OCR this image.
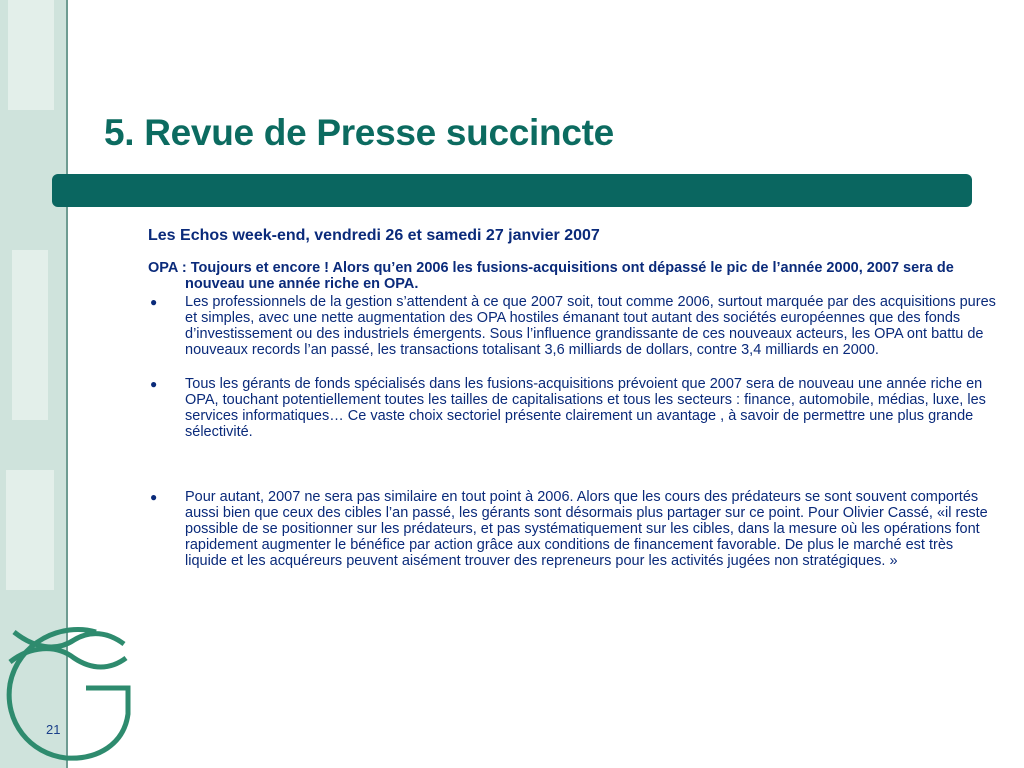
21
5. Revue de Presse succincte
Les Echos week-end, vendredi 26 et samedi 27 janvier 2007
OPA : Toujours et encore ! Alors qu’en 2006 les fusions-acquisitions ont dépassé le pic de l’année 2000, 2007 sera de nouveau une année riche en OPA.
● Les professionnels de la gestion s’attendent à ce que 2007 soit, tout comme 2006, surtout marquée par des acquisitions pures et simples, avec une nette augmentation des OPA hostiles émanant tout autant des sociétés européennes que des fonds d’investissement ou des industriels émergents. Sous l’influence grandissante de ces nouveaux acteurs, les OPA ont battu de nouveaux records l’an passé, les transactions totalisant 3,6 milliards de dollars, contre 3,4 milliards en 2000.
● Tous les gérants de fonds spécialisés dans les fusions-acquisitions prévoient que 2007 sera de nouveau une année riche en OPA, touchant potentiellement toutes les tailles de capitalisations et tous les secteurs : finance, automobile, médias, luxe, les services informatiques… Ce vaste choix sectoriel présente clairement un avantage , à savoir de permettre une plus grande sélectivité.
● Pour autant, 2007 ne sera pas similaire en tout point à 2006. Alors que les cours des prédateurs se sont souvent comportés aussi bien que ceux des cibles l’an passé, les gérants sont désormais plus partager sur ce point. Pour Olivier Cassé, «il reste possible de se positionner sur les prédateurs, et pas systématiquement sur les cibles, dans la mesure où les opérations font rapidement augmenter le bénéfice par action grâce aux conditions de financement favorable. De plus le marché est très liquide et les acquéreurs peuvent aisément trouver des repreneurs pour les activités jugées non stratégiques. »
